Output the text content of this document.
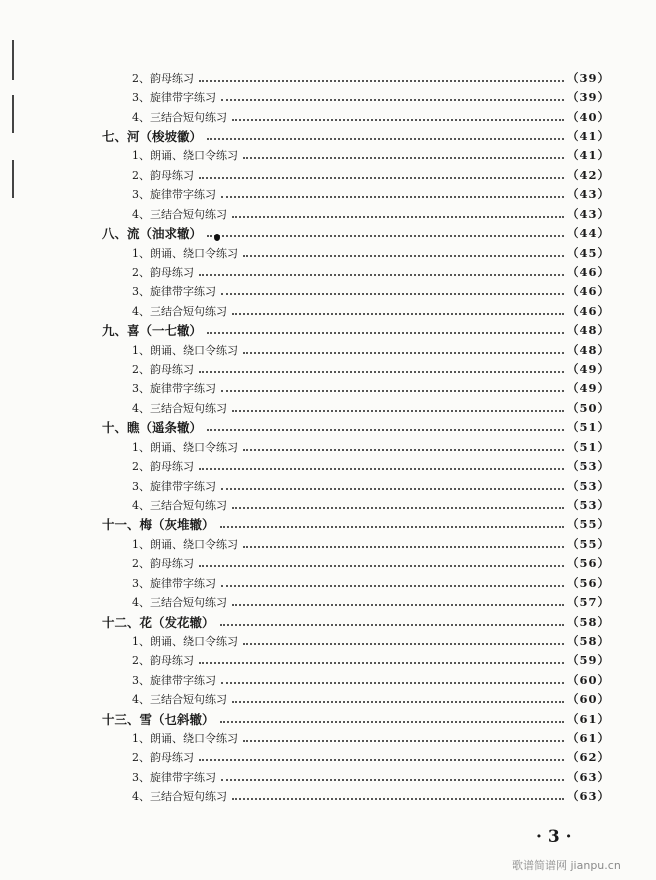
2、韵母练习	（39）
3、旋律带字练习	（39）
4、三结合短句练习	（40）
七、河（梭坡徽）	（41）
1、朗诵、绕口令练习	（41）
2、韵母练习	（42）
3、旋律带字练习	（43）
4、三结合短句练习	（43）
八、流（油求辙）	（44）
1、朗诵、绕口令练习	（45）
2、韵母练习	（46）
3、旋律带字练习	（46）
4、三结合短句练习	（46）
九、喜（一七辙）	（48）
1、朗诵、绕口令练习	（48）
2、韵母练习	（49）
3、旋律带字练习	（49）
4、三结合短句练习	（50）
十、瞧（遥条辙）	（51）
1、朗诵、绕口令练习	（51）
2、韵母练习	（53）
3、旋律带字练习	（53）
4、三结合短句练习	（53）
十一、梅（灰堆辙）	（55）
1、朗诵、绕口令练习	（55）
2、韵母练习	（56）
3、旋律带字练习	（56）
4、三结合短句练习	（57）
十二、花（发花辙）	（58）
1、朗诵、绕口令练习	（58）
2、韵母练习	（59）
3、旋律带字练习	（60）
4、三结合短句练习	（60）
十三、雪（乜斜辙）	（61）
1、朗诵、绕口令练习	（61）
2、韵母练习	（62）
3、旋律带字练习	（63）
4、三结合短句练习	（63）
· 3 ·
歌谱简谱网 jianpu.cn
